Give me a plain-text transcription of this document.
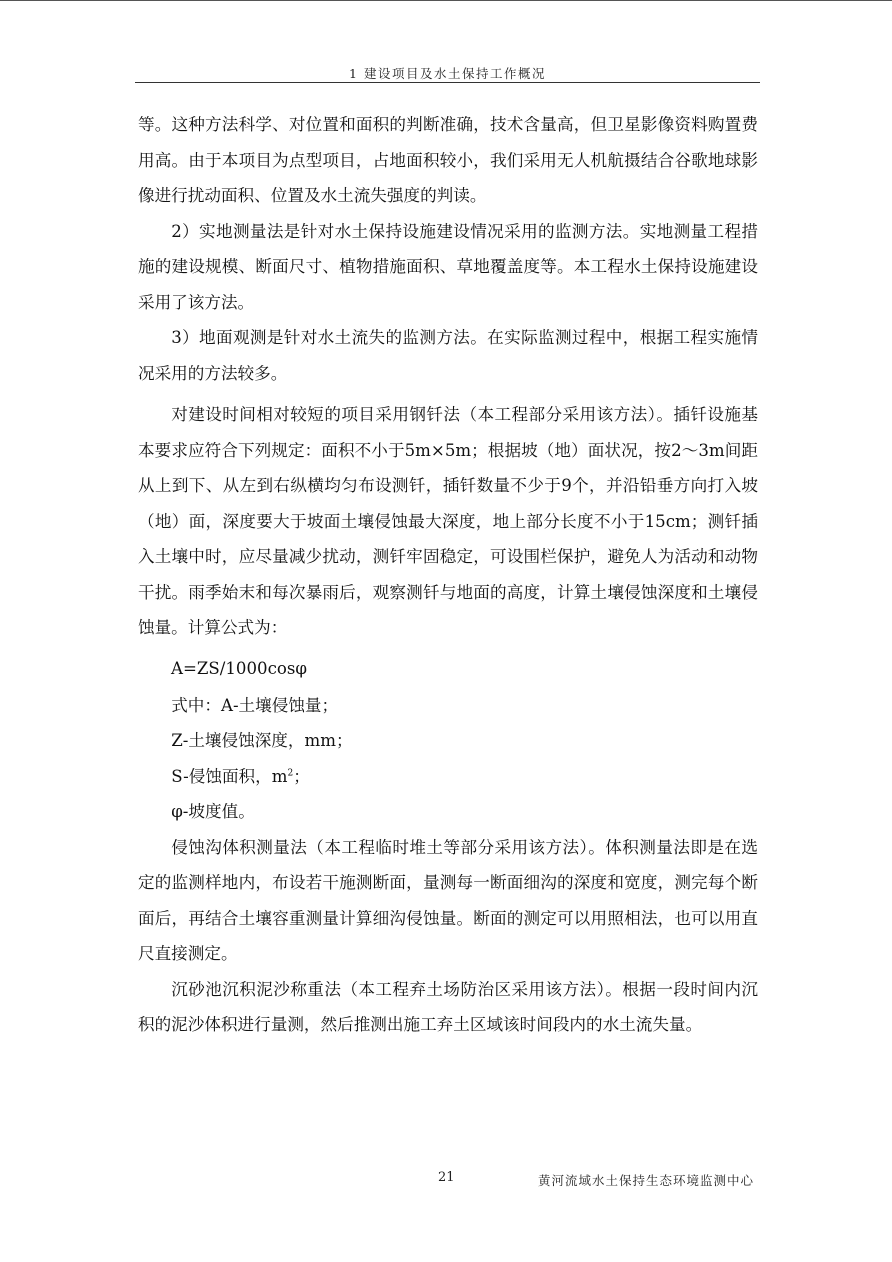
1 建设项目及水土保持工作概况

等。这种方法科学、对位置和面积的判断准确，技术含量高，但卫星影像资料购置费用高。由于本项目为点型项目，占地面积较小，我们采用无人机航摄结合谷歌地球影像进行扰动面积、位置及水土流失强度的判读。

2）实地测量法是针对水土保持设施建设情况采用的监测方法。实地测量工程措施的建设规模、断面尺寸、植物措施面积、草地覆盖度等。本工程水土保持设施建设采用了该方法。

3）地面观测是针对水土流失的监测方法。在实际监测过程中，根据工程实施情况采用的方法较多。

对建设时间相对较短的项目采用钢钎法（本工程部分采用该方法）。插钎设施基本要求应符合下列规定：面积不小于5m×5m；根据坡（地）面状况，按2～3m间距从上到下、从左到右纵横均匀布设测钎，插钎数量不少于9个，并沿铅垂方向打入坡（地）面，深度要大于坡面土壤侵蚀最大深度，地上部分长度不小于15cm；测钎插入土壤中时，应尽量减少扰动，测钎牢固稳定，可设围栏保护，避免人为活动和动物干扰。雨季始末和每次暴雨后，观察测钎与地面的高度，计算土壤侵蚀深度和土壤侵蚀量。计算公式为：

A=ZS/1000cosφ

式中：A-土壤侵蚀量；

Z-土壤侵蚀深度，mm；

S-侵蚀面积，$m^2$；

φ-坡度值。

侵蚀沟体积测量法（本工程临时堆土等部分采用该方法）。体积测量法即是在选定的监测样地内，布设若干施测断面，量测每一断面细沟的深度和宽度，测完每个断面后，再结合土壤容重测量计算细沟侵蚀量。断面的测定可以用照相法，也可以用直尺直接测定。

沉砂池沉积泥沙称重法（本工程弃土场防治区采用该方法）。根据一段时间内沉积的泥沙体积进行量测，然后推测出施工弃土区域该时间段内的水土流失量。

21	黄河流域水土保持生态环境监测中心
